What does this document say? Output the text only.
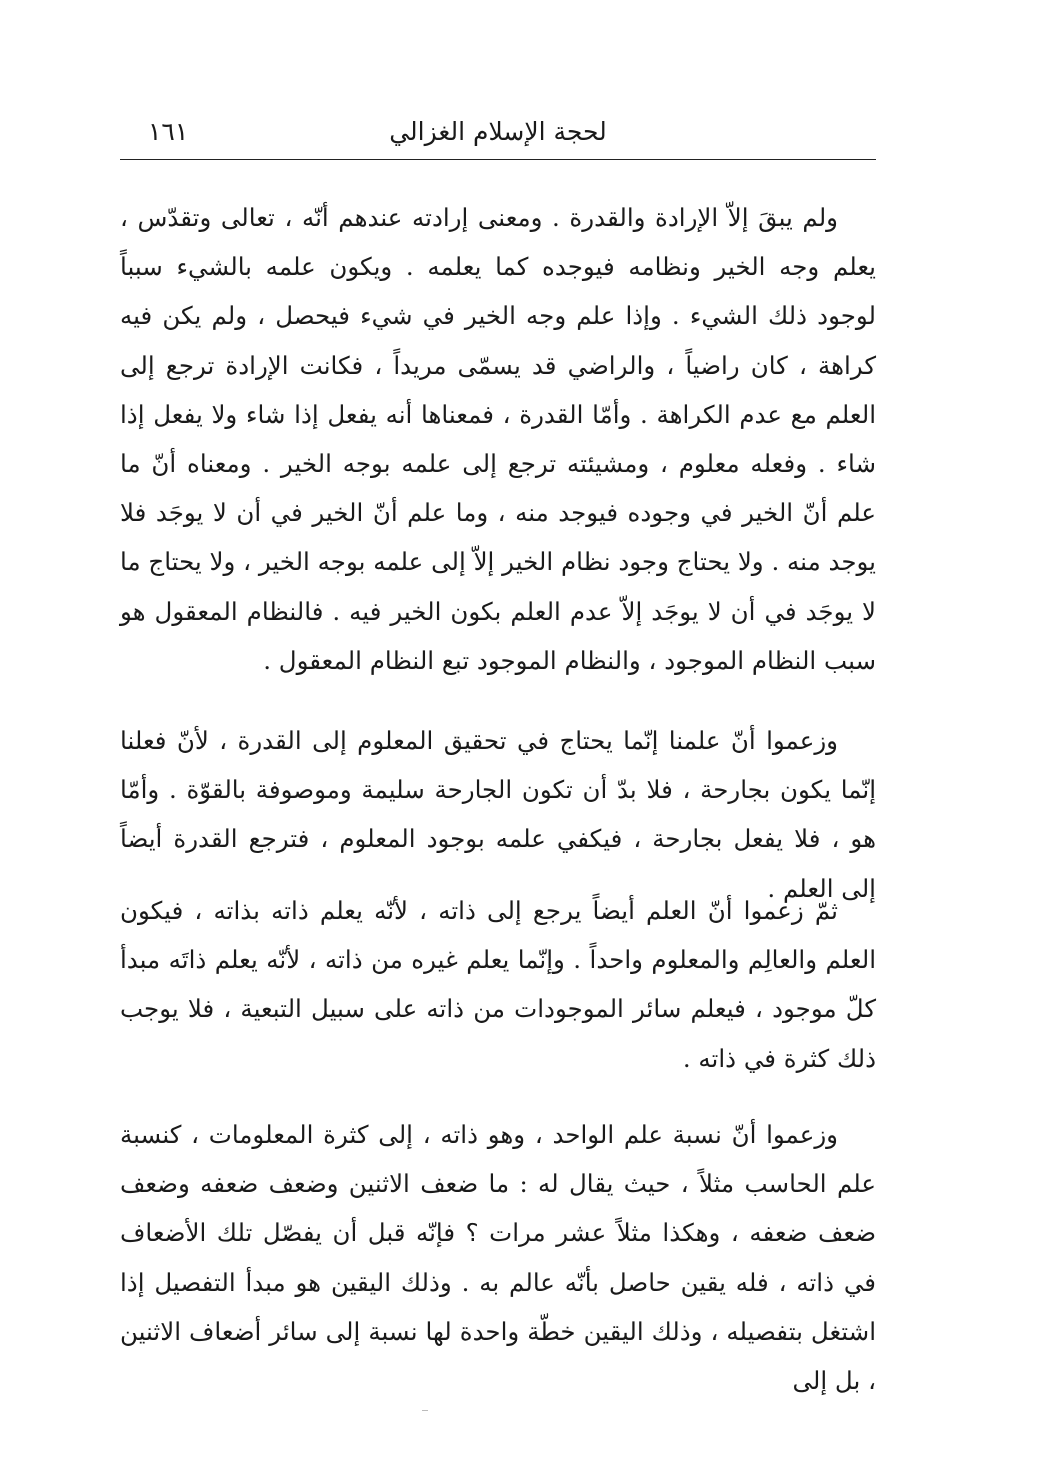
لحجة الإسلام الغزالي
١٦١

ولم يبقَ إلاّ الإرادة والقدرة . ومعنى إرادته عندهم أنّه ، تعالى وتقدّس ، يعلم وجه الخير ونظامه فيوجده كما يعلمه . ويكون علمه بالشيء سبباً لوجود ذلك الشيء . وإذا علم وجه الخير في شيء فيحصل ، ولم يكن فيه كراهة ، كان راضياً ، والراضي قد يسمّى مريداً ، فكانت الإرادة ترجع إلى العلم مع عدم الكراهة . وأمّا القدرة ، فمعناها أنه يفعل إذا شاء ولا يفعل إذا شاء . وفعله معلوم ، ومشيئته ترجع إلى علمه بوجه الخير . ومعناه أنّ ما علم أنّ الخير في وجوده فيوجد منه ، وما علم أنّ الخير في أن لا يوجَد فلا يوجد منه . ولا يحتاج وجود نظام الخير إلاّ إلى علمه بوجه الخير ، ولا يحتاج ما لا يوجَد في أن لا يوجَد إلاّ عدم العلم بكون الخير فيه . فالنظام المعقول هو سبب النظام الموجود ، والنظام الموجود تبع النظام المعقول .

وزعموا أنّ علمنا إنّما يحتاج في تحقيق المعلوم إلى القدرة ، لأنّ فعلنا إنّما يكون بجارحة ، فلا بدّ أن تكون الجارحة سليمة وموصوفة بالقوّة . وأمّا هو ، فلا يفعل بجارحة ، فيكفي علمه بوجود المعلوم ، فترجع القدرة أيضاً إلى العلم .

ثمّ زعموا أنّ العلم أيضاً يرجع إلى ذاته ، لأنّه يعلم ذاته بذاته ، فيكون العلم والعالِم والمعلوم واحداً . وإنّما يعلم غيره من ذاته ، لأنّه يعلم ذاتَه مبدأ كلّ موجود ، فيعلم سائر الموجودات من ذاته على سبيل التبعية ، فلا يوجب ذلك كثرة في ذاته .

وزعموا أنّ نسبة علم الواحد ، وهو ذاته ، إلى كثرة المعلومات ، كنسبة علم الحاسب مثلاً ، حيث يقال له : ما ضعف الاثنين وضعف ضعفه وضعف ضعف ضعفه ، وهكذا مثلاً عشر مرات ؟ فإنّه قبل أن يفصّل تلك الأضعاف في ذاته ، فله يقين حاصل بأنّه عالم به . وذلك اليقين هو مبدأ التفصيل إذا اشتغل بتفصيله ، وذلك اليقين خطّة واحدة لها نسبة إلى سائر أضعاف الاثنين ، بل إلى
